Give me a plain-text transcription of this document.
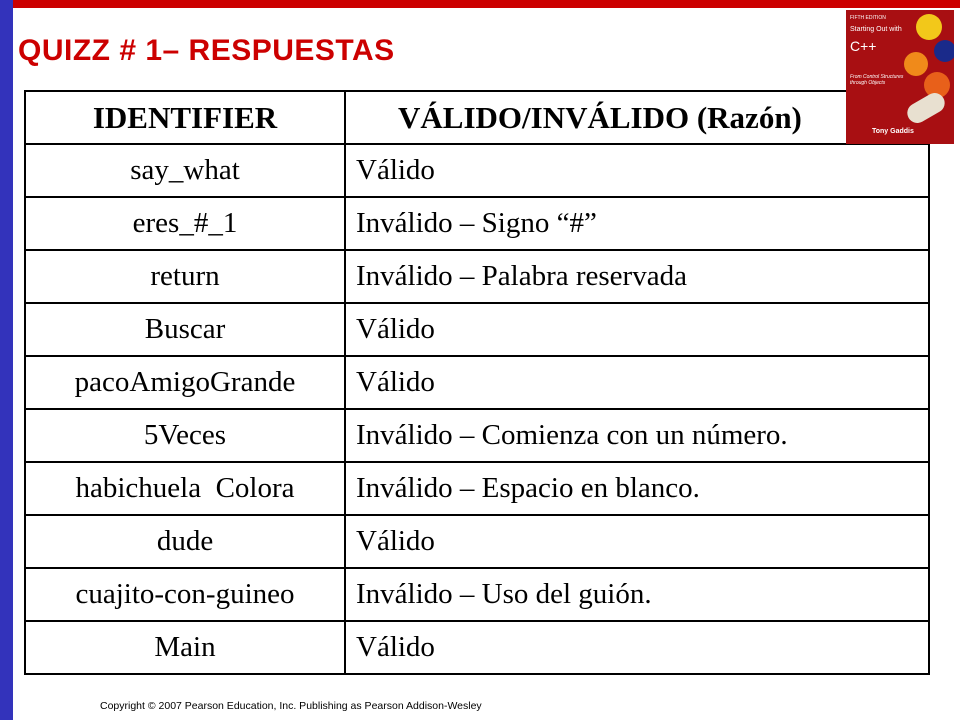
QUIZZ # 1– RESPUESTAS
IDENTIFIER	VÁLIDO/INVÁLIDO (Razón)
say_what	Válido
eres_#_1	Inválido – Signo “#”
return	Inválido – Palabra reservada
Buscar	Válido
pacoAmigoGrande	Válido
5Veces	Inválido – Comienza con un número.
habichuela  Colora	Inválido – Espacio en blanco.
dude	Válido
cuajito-con-guineo	Inválido – Uso del guión.
Main	Válido
FIFTH EDITION
Starting Out with
C++
From Control Structures through Objects
Tony Gaddis
Copyright © 2007 Pearson Education, Inc. Publishing as Pearson Addison-Wesley
